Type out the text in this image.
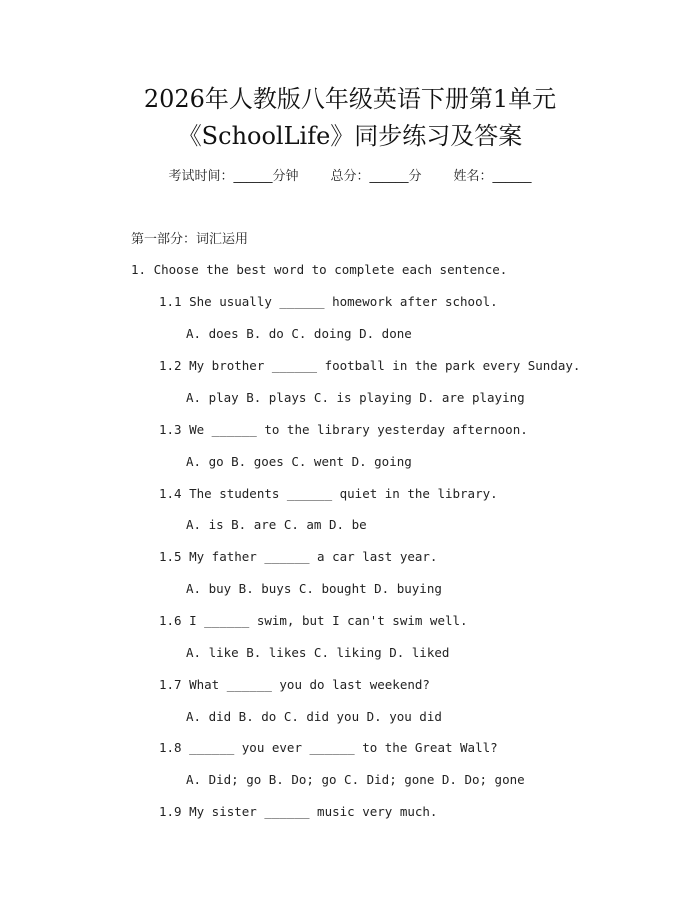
2026年人教版八年级英语下册第1单元
《SchoolLife》同步练习及答案
考试时间：______分钟 总分：______分 姓名：______
第一部分：词汇运用
1. Choose the best word to complete each sentence.
1.1 She usually ______ homework after school.
A. does B. do C. doing D. done
1.2 My brother ______ football in the park every Sunday.
A. play B. plays C. is playing D. are playing
1.3 We ______ to the library yesterday afternoon.
A. go B. goes C. went D. going
1.4 The students ______ quiet in the library.
A. is B. are C. am D. be
1.5 My father ______ a car last year.
A. buy B. buys C. bought D. buying
1.6 I ______ swim, but I can't swim well.
A. like B. likes C. liking D. liked
1.7 What ______ you do last weekend?
A. did B. do C. did you D. you did
1.8 ______ you ever ______ to the Great Wall?
A. Did; go B. Do; go C. Did; gone D. Do; gone
1.9 My sister ______ music very much.
